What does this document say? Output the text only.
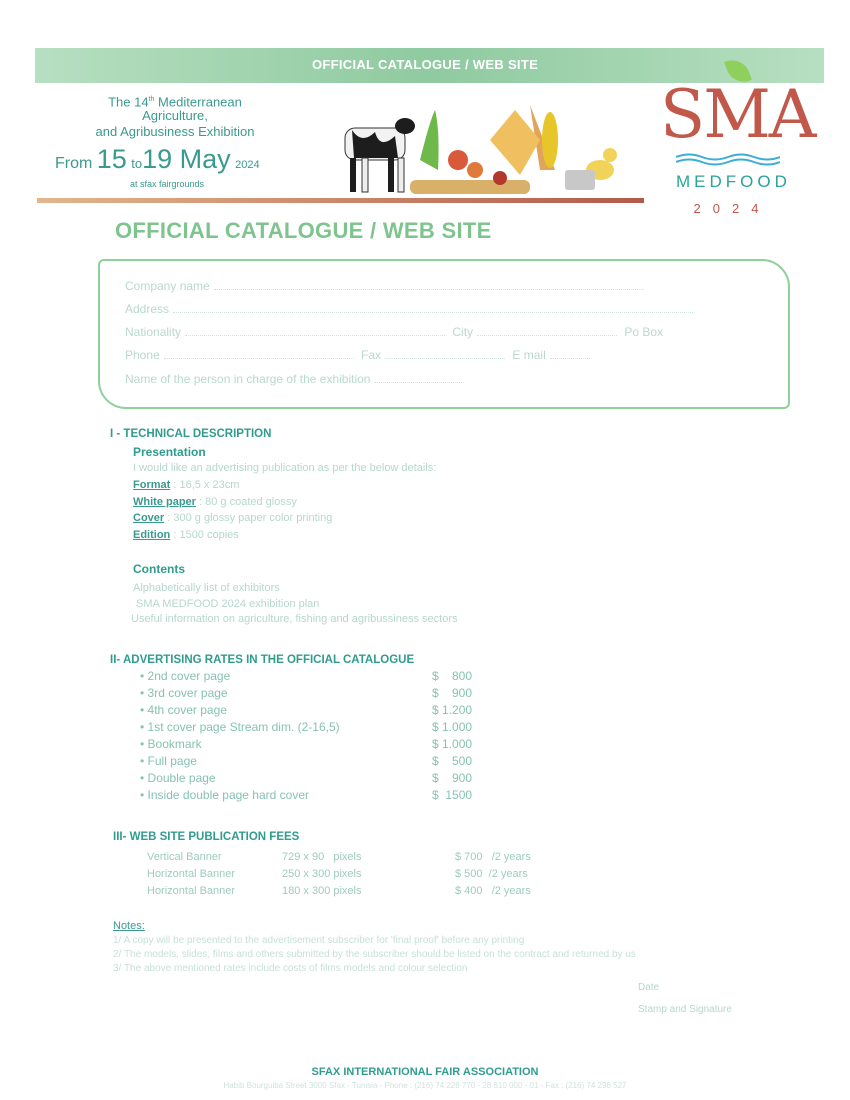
OFFICIAL CATALOGUE / WEB SITE
The 14th Mediterranean
Agriculture,
and Agribusiness Exhibition
From 15 to19 May 2024
at sfax fairgrounds
SMA
MEDFOOD
2024
OFFICIAL CATALOGUE / WEB SITE
Company name
Address
Nationality	City	Po Box
Phone	Fax	E mail
Name of the person in charge of the exhibition
I - TECHNICAL DESCRIPTION
Presentation
I would like an advertising publication as per the below details:
Format : 16,5 x 23cm
White paper : 80 g coated glossy
Cover : 300 g glossy paper color printing
Edition : 1500 copies
Contents
Alphabetically list of exhibitors
SMA MEDFOOD 2024 exhibition plan
Useful information on agriculture, fishing and agribussiness sectors
II- ADVERTISING RATES IN THE OFFICIAL CATALOGUE
• 2nd cover page	$    800
• 3rd cover page	$    900
• 4th cover page	$ 1.200
• 1st cover page Stream dim. (2-16,5)	$ 1.000
• Bookmark	$ 1.000
• Full page	$    500
• Double page	$    900
• Inside double page hard cover	$  1500
III- WEB SITE PUBLICATION FEES
Vertical Banner	729 x 90   pixels	$ 700   /2 years
Horizontal Banner	250 x 300 pixels	$ 500  /2 years
Horizontal Banner	180 x 300 pixels	$ 400   /2 years
Notes:
1/ A copy will be presented to the advertisement subscriber for 'final proof' before any printing
2/ The models, slides, films and others submitted by the subscriber should be listed on the contract and returned by us
3/ The above mentioned rates include costs of films models and colour selection
Date
Stamp and Signature
SFAX INTERNATIONAL FAIR ASSOCIATION
Habib Bourguiba Street 3000 Sfax - Tunisia - Phone : (216) 74 228 770 - 28 610 000 - 01 - Fax : (216) 74 296 527
